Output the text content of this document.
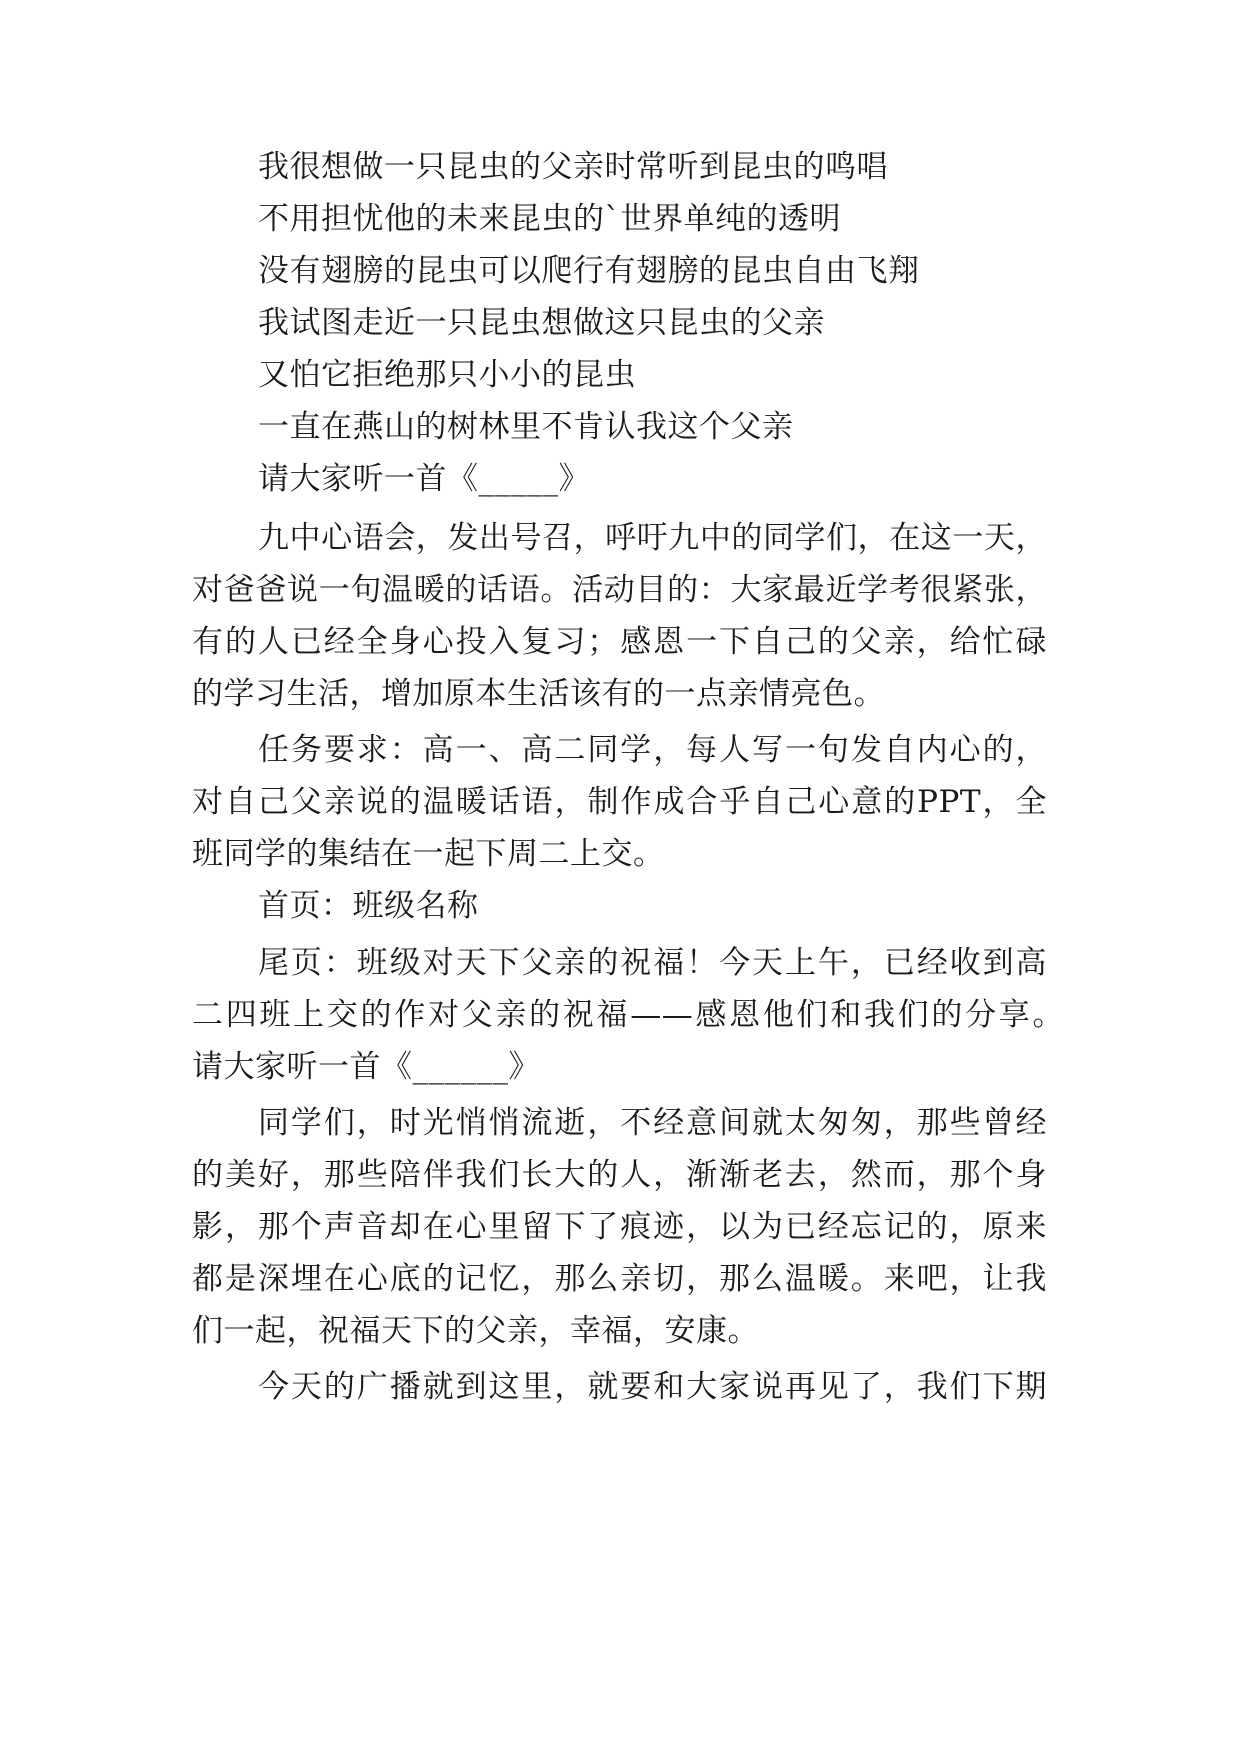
我很想做一只昆虫的父亲时常听到昆虫的鸣唱
不用担忧他的未来昆虫的`世界单纯的透明
没有翅膀的昆虫可以爬行有翅膀的昆虫自由飞翔
我试图走近一只昆虫想做这只昆虫的父亲
又怕它拒绝那只小小的昆虫
一直在燕山的树林里不肯认我这个父亲
请大家听一首《_____》
九中心语会，发出号召，呼吁九中的同学们，在这一天，
对爸爸说一句温暖的话语。活动目的：大家最近学考很紧张，
有的人已经全身心投入复习；感恩一下自己的父亲，给忙碌
的学习生活，增加原本生活该有的一点亲情亮色。
任务要求：高一、高二同学，每人写一句发自内心的，
对自己父亲说的温暖话语，制作成合乎自己心意的PPT，全
班同学的集结在一起下周二上交。
首页：班级名称
尾页：班级对天下父亲的祝福！今天上午，已经收到高
二四班上交的作对父亲的祝福——感恩他们和我们的分享。
请大家听一首《______》
同学们，时光悄悄流逝，不经意间就太匆匆，那些曾经
的美好，那些陪伴我们长大的人，渐渐老去，然而，那个身
影，那个声音却在心里留下了痕迹，以为已经忘记的，原来
都是深埋在心底的记忆，那么亲切，那么温暖。来吧，让我
们一起，祝福天下的父亲，幸福，安康。
今天的广播就到这里，就要和大家说再见了，我们下期
